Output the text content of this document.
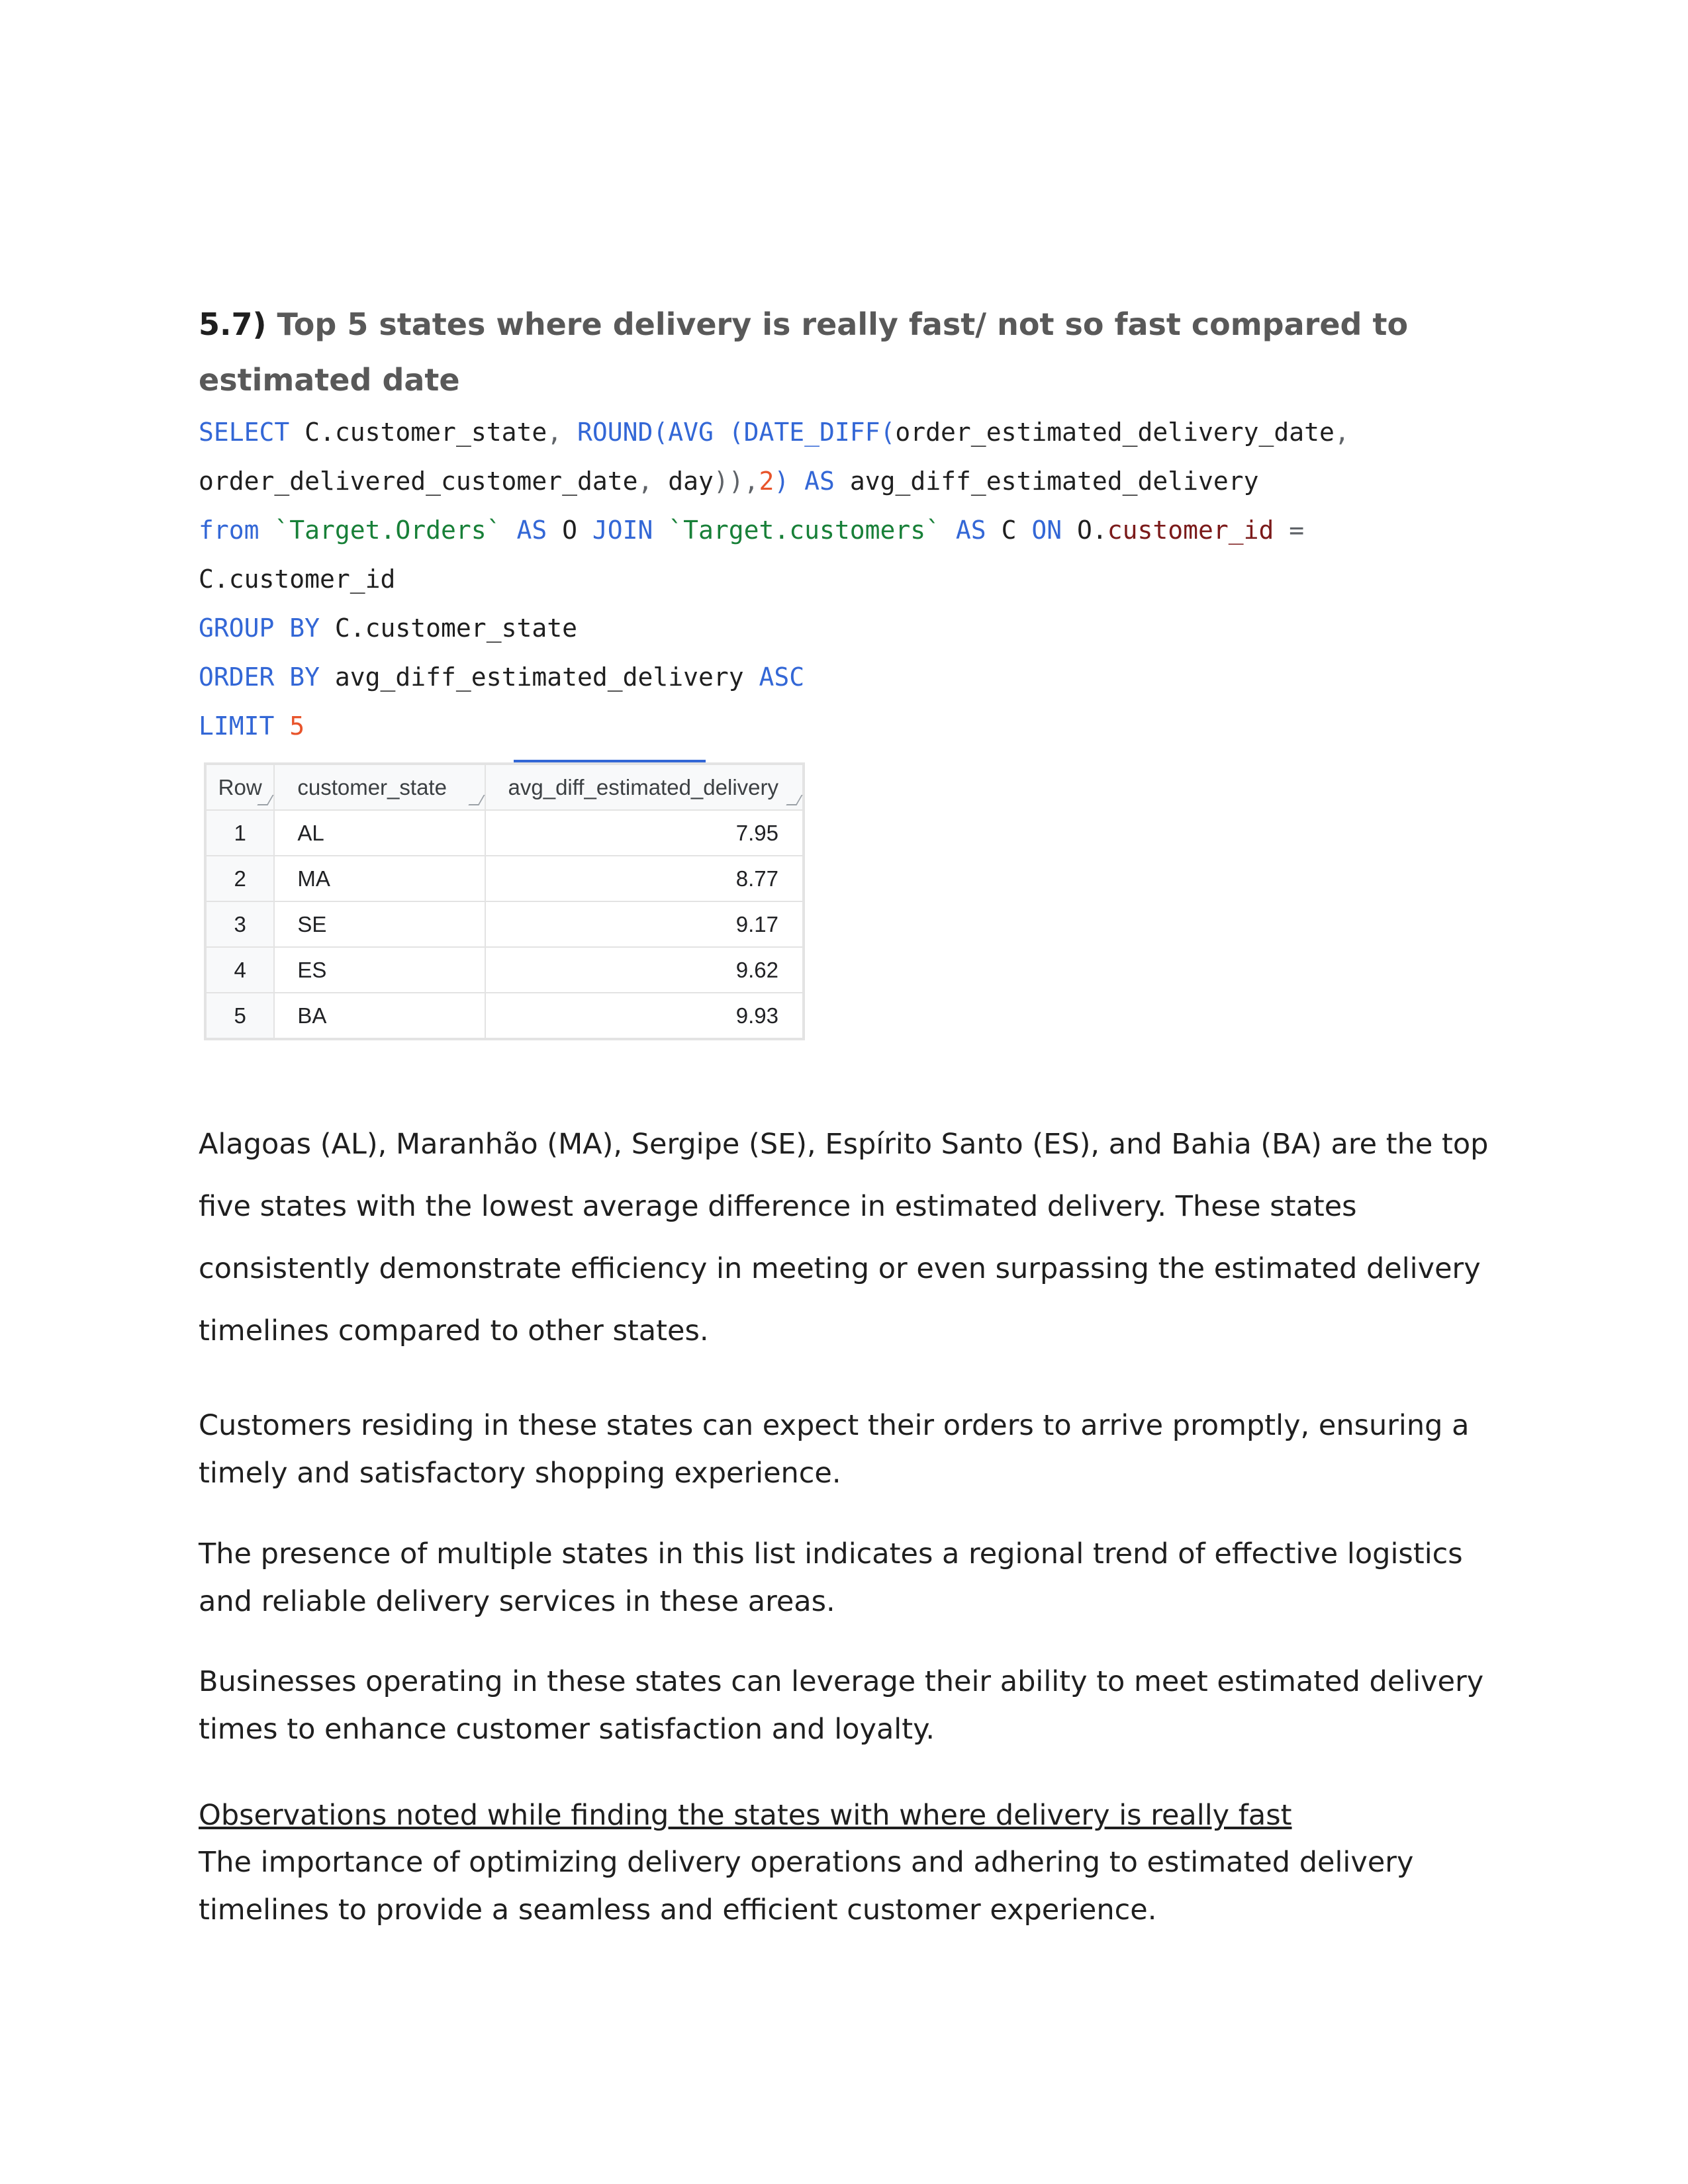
5.7) Top 5 states where delivery is really fast/ not so fast compared to estimated date
SELECT C.customer_state, ROUND(AVG (DATE_DIFF(order_estimated_delivery_date,
order_delivered_customer_date, day)),2) AS avg_diff_estimated_delivery
from `Target.Orders` AS O JOIN `Target.customers` AS C ON O.customer_id =
C.customer_id
GROUP BY C.customer_state
ORDER BY avg_diff_estimated_delivery ASC
LIMIT 5
Row	customer_state	avg_diff_estimated_delivery

1	AL	7.95
2	MA	8.77
3	SE	9.17
4	ES	9.62
5	BA	9.93

Alagoas (AL), Maranhão (MA), Sergipe (SE), Espírito Santo (ES), and Bahia (BA) are the top five states with the lowest average difference in estimated delivery. These states consistently demonstrate efficiency in meeting or even surpassing the estimated delivery timelines compared to other states.

Customers residing in these states can expect their orders to arrive promptly, ensuring a timely and satisfactory shopping experience.

The presence of multiple states in this list indicates a regional trend of effective logistics and reliable delivery services in these areas.

Businesses operating in these states can leverage their ability to meet estimated delivery times to enhance customer satisfaction and loyalty.

Observations noted while finding the states with where delivery is really fast

The importance of optimizing delivery operations and adhering to estimated delivery timelines to provide a seamless and efficient customer experience.
